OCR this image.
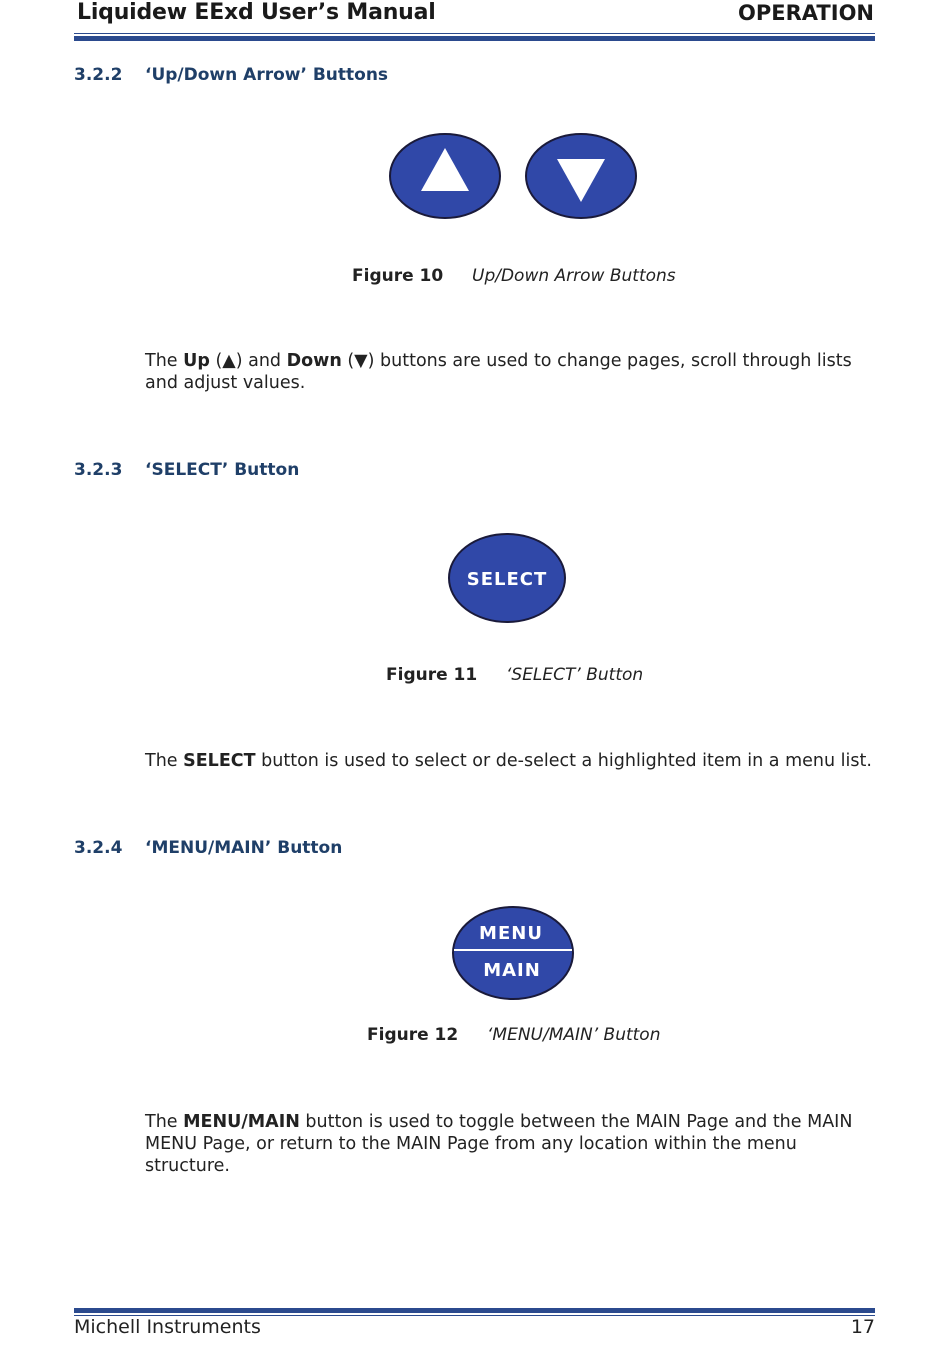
Liquidew EExd User’s Manual	OPERATION
3.2.2 ‘Up/Down Arrow’ Buttons
Figure 10 Up/Down Arrow Buttons
The Up (▲) and Down (▼) buttons are used to change pages, scroll through lists and adjust values.
3.2.3 ‘SELECT’ Button
SELECT
Figure 11 ‘SELECT’ Button
The SELECT button is used to select or de-select a highlighted item in a menu list.
3.2.4 ‘MENU/MAIN’ Button
MENU
MAIN
Figure 12 ‘MENU/MAIN’ Button
The MENU/MAIN button is used to toggle between the MAIN Page and the MAIN MENU Page, or return to the MAIN Page from any location within the menu structure.
Michell Instruments	17
